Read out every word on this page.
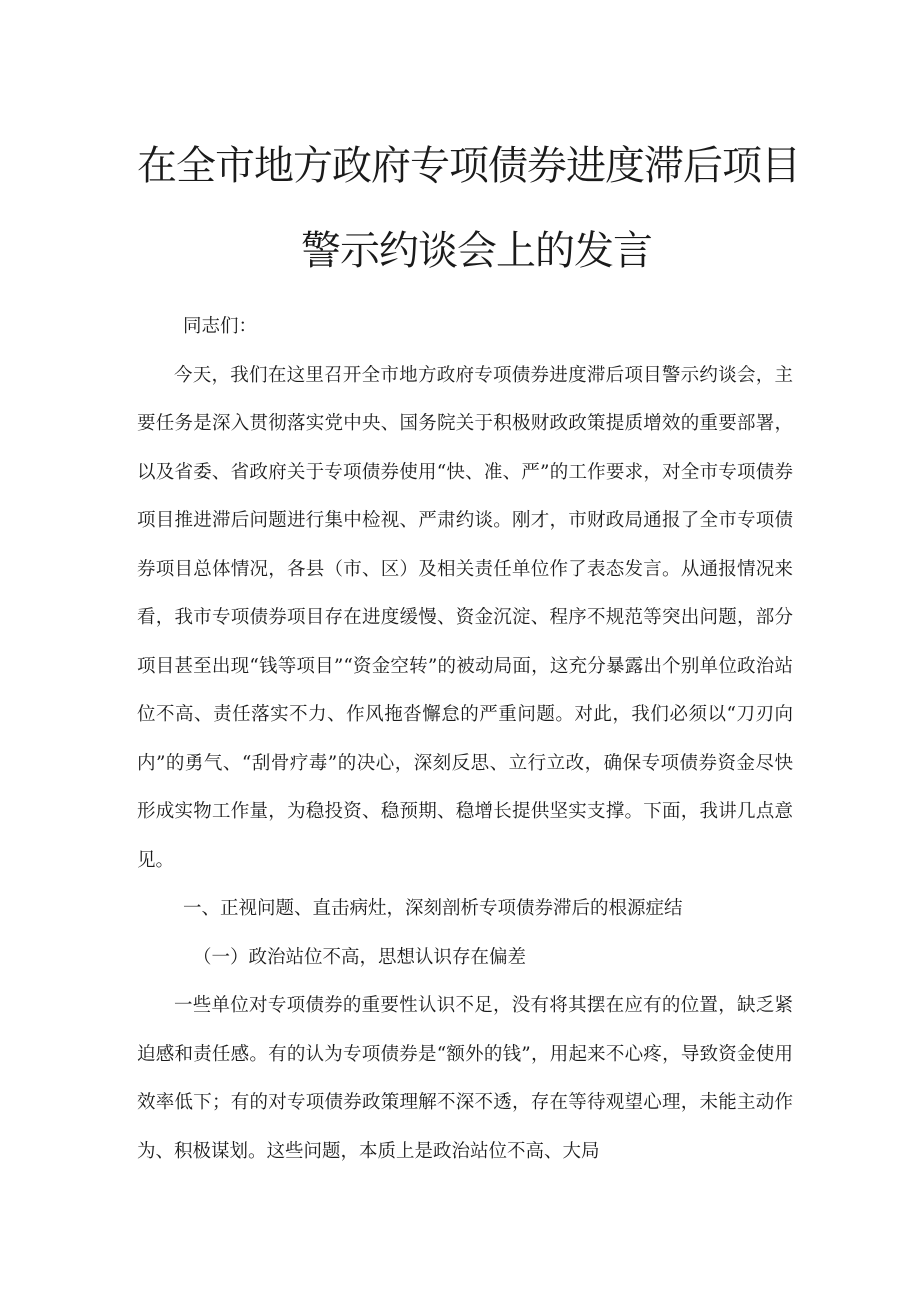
在全市地方政府专项债券进度滞后项目
警示约谈会上的发言

同志们：

今天，我们在这里召开全市地方政府专项债券进度滞后项目警示约谈会，主要任务是深入贯彻落实党中央、国务院关于积极财政政策提质增效的重要部署，以及省委、省政府关于专项债券使用“快、准、严”的工作要求，对全市专项债券项目推进滞后问题进行集中检视、严肃约谈。刚才，市财政局通报了全市专项债券项目总体情况，各县（市、区）及相关责任单位作了表态发言。从通报情况来看，我市专项债券项目存在进度缓慢、资金沉淀、程序不规范等突出问题，部分项目甚至出现“钱等项目”“资金空转”的被动局面，这充分暴露出个别单位政治站位不高、责任落实不力、作风拖沓懈怠的严重问题。对此，我们必须以“刀刃向内”的勇气、“刮骨疗毒”的决心，深刻反思、立行立改，确保专项债券资金尽快形成实物工作量，为稳投资、稳预期、稳增长提供坚实支撑。下面，我讲几点意见。

一、正视问题、直击病灶，深刻剖析专项债券滞后的根源症结

（一）政治站位不高，思想认识存在偏差

一些单位对专项债券的重要性认识不足，没有将其摆在应有的位置，缺乏紧迫感和责任感。有的认为专项债券是“额外的钱”，用起来不心疼，导致资金使用效率低下；有的对专项债券政策理解不深不透，存在等待观望心理，未能主动作为、积极谋划。这些问题，本质上是政治站位不高、大局
